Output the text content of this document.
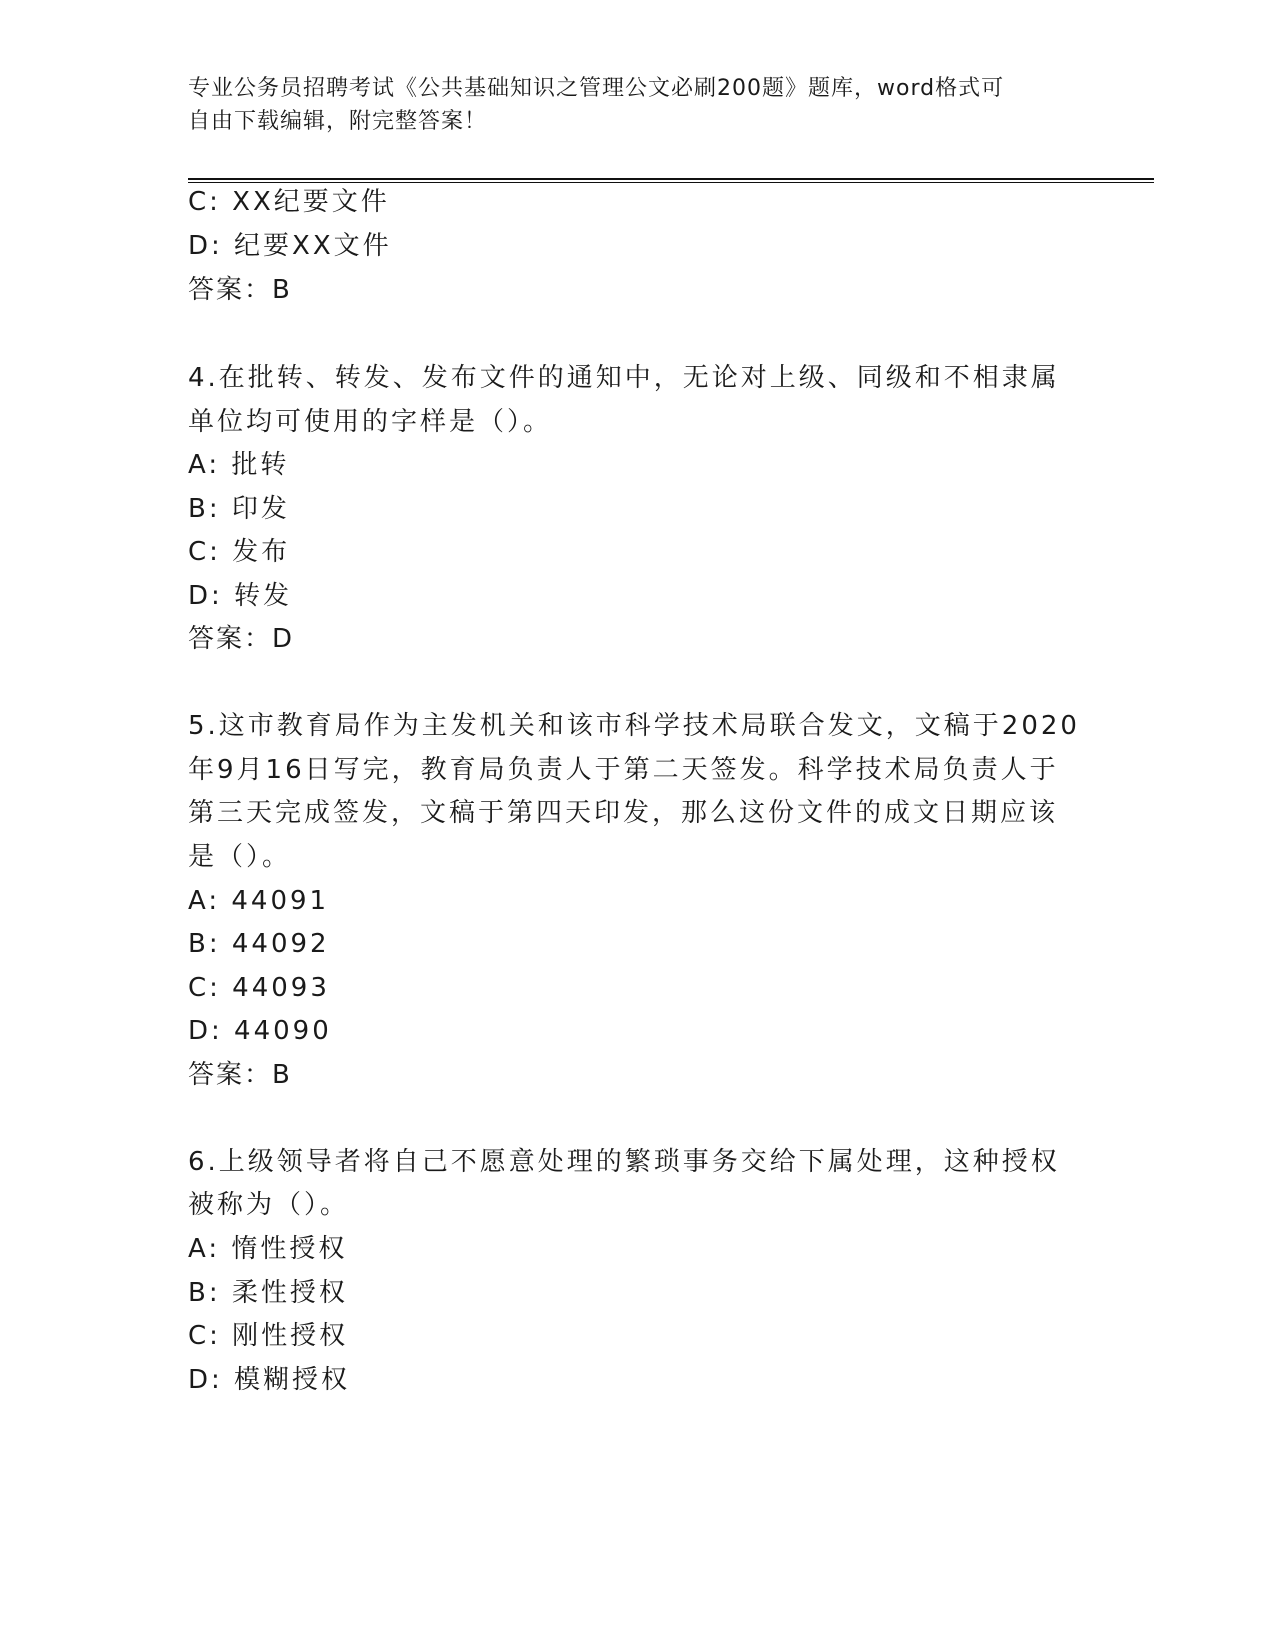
专业公务员招聘考试《公共基础知识之管理公文必刷200题》题库，word格式可
自由下载编辑，附完整答案！
C: XX纪要文件
D: 纪要XX文件
答案：B
4.在批转、转发、发布文件的通知中，无论对上级、同级和不相隶属
单位均可使用的字样是（）。
A: 批转
B: 印发
C: 发布
D: 转发
答案：D
5.这市教育局作为主发机关和该市科学技术局联合发文，文稿于2020
年9月16日写完，教育局负责人于第二天签发。科学技术局负责人于
第三天完成签发，文稿于第四天印发，那么这份文件的成文日期应该
是（）。
A: 44091
B: 44092
C: 44093
D: 44090
答案：B
6.上级领导者将自己不愿意处理的繁琐事务交给下属处理，这种授权
被称为（）。
A: 惰性授权
B: 柔性授权
C: 刚性授权
D: 模糊授权
